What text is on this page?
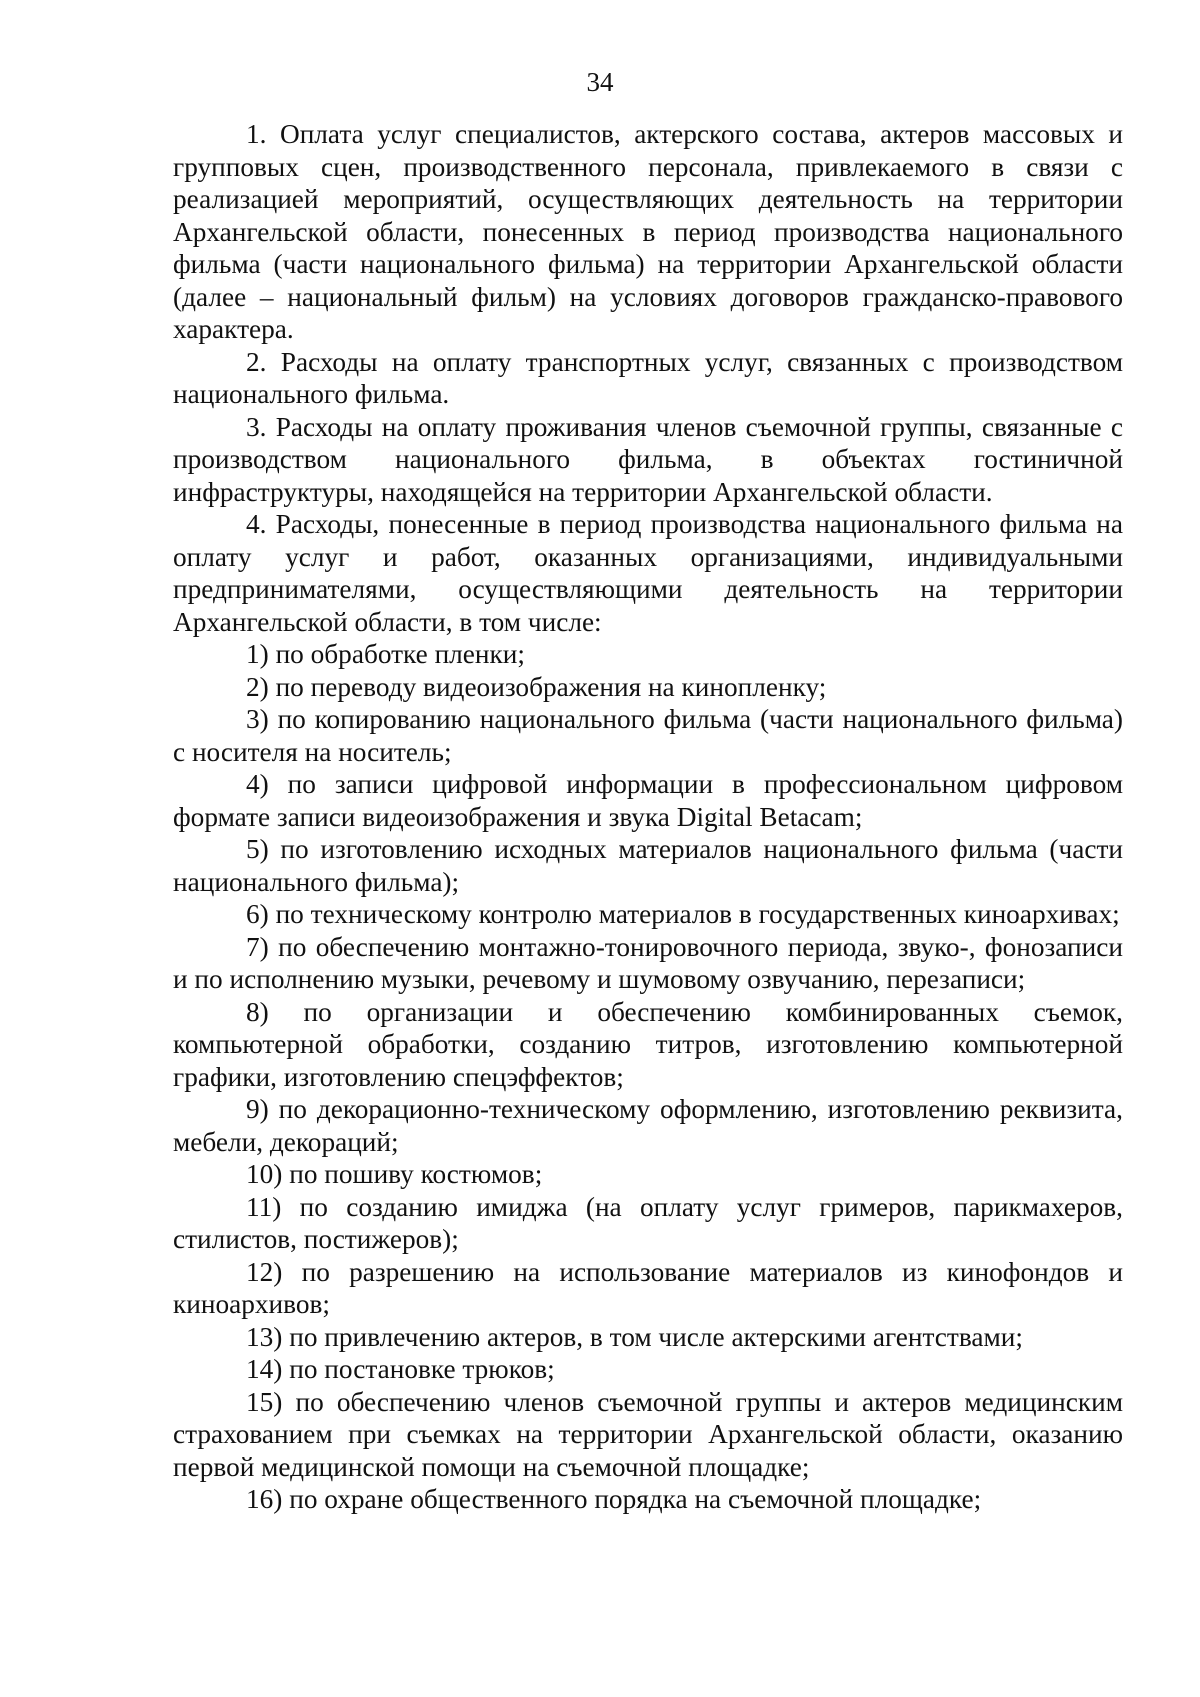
34

1. Оплата услуг специалистов, актерского состава, актеров массовых и групповых сцен, производственного персонала, привлекаемого в связи с реализацией мероприятий, осуществляющих деятельность на территории Архангельской области, понесенных в период производства национального фильма (части национального фильма) на территории Архангельской области (далее – национальный фильм) на условиях договоров гражданско-правового характера.

2. Расходы на оплату транспортных услуг, связанных с производством национального фильма.

3. Расходы на оплату проживания членов съемочной группы, связанные с производством национального фильма, в объектах гостиничной инфраструктуры, находящейся на территории Архангельской области.

4. Расходы, понесенные в период производства национального фильма на оплату услуг и работ, оказанных организациями, индивидуальными предпринимателями, осуществляющими деятельность на территории Архангельской области, в том числе:

1) по обработке пленки;

2) по переводу видеоизображения на кинопленку;

3) по копированию национального фильма (части национального фильма) с носителя на носитель;

4) по записи цифровой информации в профессиональном цифровом формате записи видеоизображения и звука Digital Betacam;

5) по изготовлению исходных материалов национального фильма (части национального фильма);

6) по техническому контролю материалов в государственных киноархивах;

7) по обеспечению монтажно-тонировочного периода, звуко-, фонозаписи и по исполнению музыки, речевому и шумовому озвучанию, перезаписи;

8) по организации и обеспечению комбинированных съемок, компьютерной обработки, созданию титров, изготовлению компьютерной графики, изготовлению спецэффектов;

9) по декорационно-техническому оформлению, изготовлению реквизита, мебели, декораций;

10) по пошиву костюмов;

11) по созданию имиджа (на оплату услуг гримеров, парикмахеров, стилистов, постижеров);

12) по разрешению на использование материалов из кинофондов и киноархивов;

13) по привлечению актеров, в том числе актерскими агентствами;

14) по постановке трюков;

15) по обеспечению членов съемочной группы и актеров медицинским страхованием при съемках на территории Архангельской области, оказанию первой медицинской помощи на съемочной площадке;

16) по охране общественного порядка на съемочной площадке;
